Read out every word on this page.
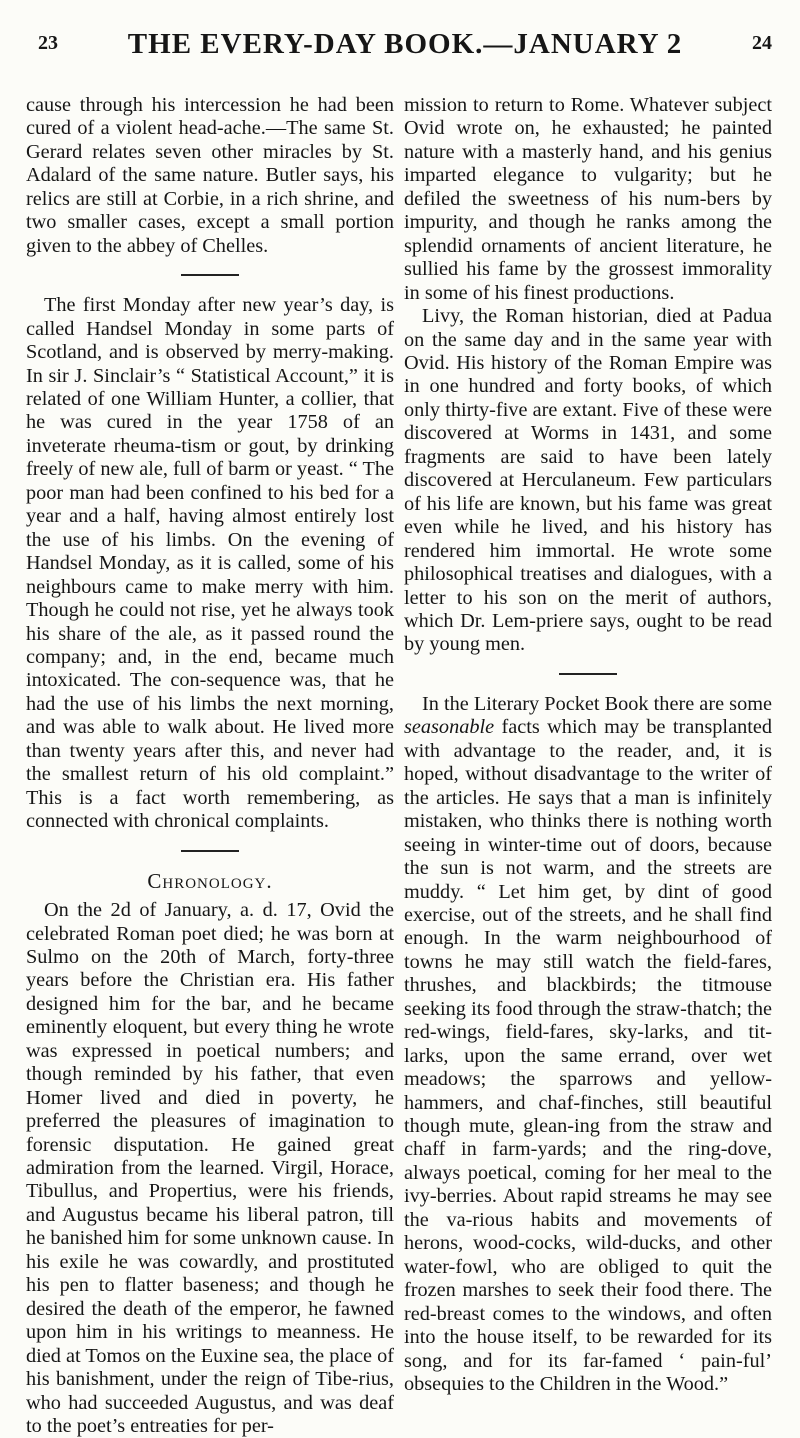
23	THE EVERY-DAY BOOK.—JANUARY 2	24

cause through his intercession he had been cured of a violent head-ache.—The same St. Gerard relates seven other miracles by St. Adalard of the same nature. Butler says, his relics are still at Corbie, in a rich shrine, and two smaller cases, except a small portion given to the abbey of Chelles.

The first Monday after new year’s day, is called Handsel Monday in some parts of Scotland, and is observed by merry-making. In sir J. Sinclair’s “ Statistical Account,” it is related of one William Hunter, a collier, that he was cured in the year 1758 of an inveterate rheuma-tism or gout, by drinking freely of new ale, full of barm or yeast. “ The poor man had been confined to his bed for a year and a half, having almost entirely lost the use of his limbs. On the evening of Handsel Monday, as it is called, some of his neighbours came to make merry with him. Though he could not rise, yet he always took his share of the ale, as it passed round the company; and, in the end, became much intoxicated. The con-sequence was, that he had the use of his limbs the next morning, and was able to walk about. He lived more than twenty years after this, and never had the smallest return of his old complaint.” This is a fact worth remembering, as connected with chronical complaints.

Chronology.

On the 2d of January, a. d. 17, Ovid the celebrated Roman poet died; he was born at Sulmo on the 20th of March, forty-three years before the Christian era. His father designed him for the bar, and he became eminently eloquent, but every thing he wrote was expressed in poetical numbers; and though reminded by his father, that even Homer lived and died in poverty, he preferred the pleasures of imagination to forensic disputation. He gained great admiration from the learned. Virgil, Horace, Tibullus, and Propertius, were his friends, and Augustus became his liberal patron, till he banished him for some unknown cause. In his exile he was cowardly, and prostituted his pen to flatter baseness; and though he desired the death of the emperor, he fawned upon him in his writings to meanness. He died at Tomos on the Euxine sea, the place of his banishment, under the reign of Tibe-rius, who had succeeded Augustus, and was deaf to the poet’s entreaties for per-

mission to return to Rome. Whatever subject Ovid wrote on, he exhausted; he painted nature with a masterly hand, and his genius imparted elegance to vulgarity; but he defiled the sweetness of his num-bers by impurity, and though he ranks among the splendid ornaments of ancient literature, he sullied his fame by the grossest immorality in some of his finest productions.

Livy, the Roman historian, died at Padua on the same day and in the same year with Ovid. His history of the Roman Empire was in one hundred and forty books, of which only thirty-five are extant. Five of these were discovered at Worms in 1431, and some fragments are said to have been lately discovered at Herculaneum. Few particulars of his life are known, but his fame was great even while he lived, and his history has rendered him immortal. He wrote some philosophical treatises and dialogues, with a letter to his son on the merit of authors, which Dr. Lem-priere says, ought to be read by young men.

In the Literary Pocket Book there are some seasonable facts which may be transplanted with advantage to the reader, and, it is hoped, without disadvantage to the writer of the articles. He says that a man is infinitely mistaken, who thinks there is nothing worth seeing in winter-time out of doors, because the sun is not warm, and the streets are muddy. “ Let him get, by dint of good exercise, out of the streets, and he shall find enough. In the warm neighbourhood of towns he may still watch the field-fares, thrushes, and blackbirds; the titmouse seeking its food through the straw-thatch; the red-wings, field-fares, sky-larks, and tit-larks, upon the same errand, over wet meadows; the sparrows and yellow-hammers, and chaf-finches, still beautiful though mute, glean-ing from the straw and chaff in farm-yards; and the ring-dove, always poetical, coming for her meal to the ivy-berries. About rapid streams he may see the va-rious habits and movements of herons, wood-cocks, wild-ducks, and other water-fowl, who are obliged to quit the frozen marshes to seek their food there. The red-breast comes to the windows, and often into the house itself, to be rewarded for its song, and for its far-famed ‘ pain-ful’ obsequies to the Children in the Wood.”
